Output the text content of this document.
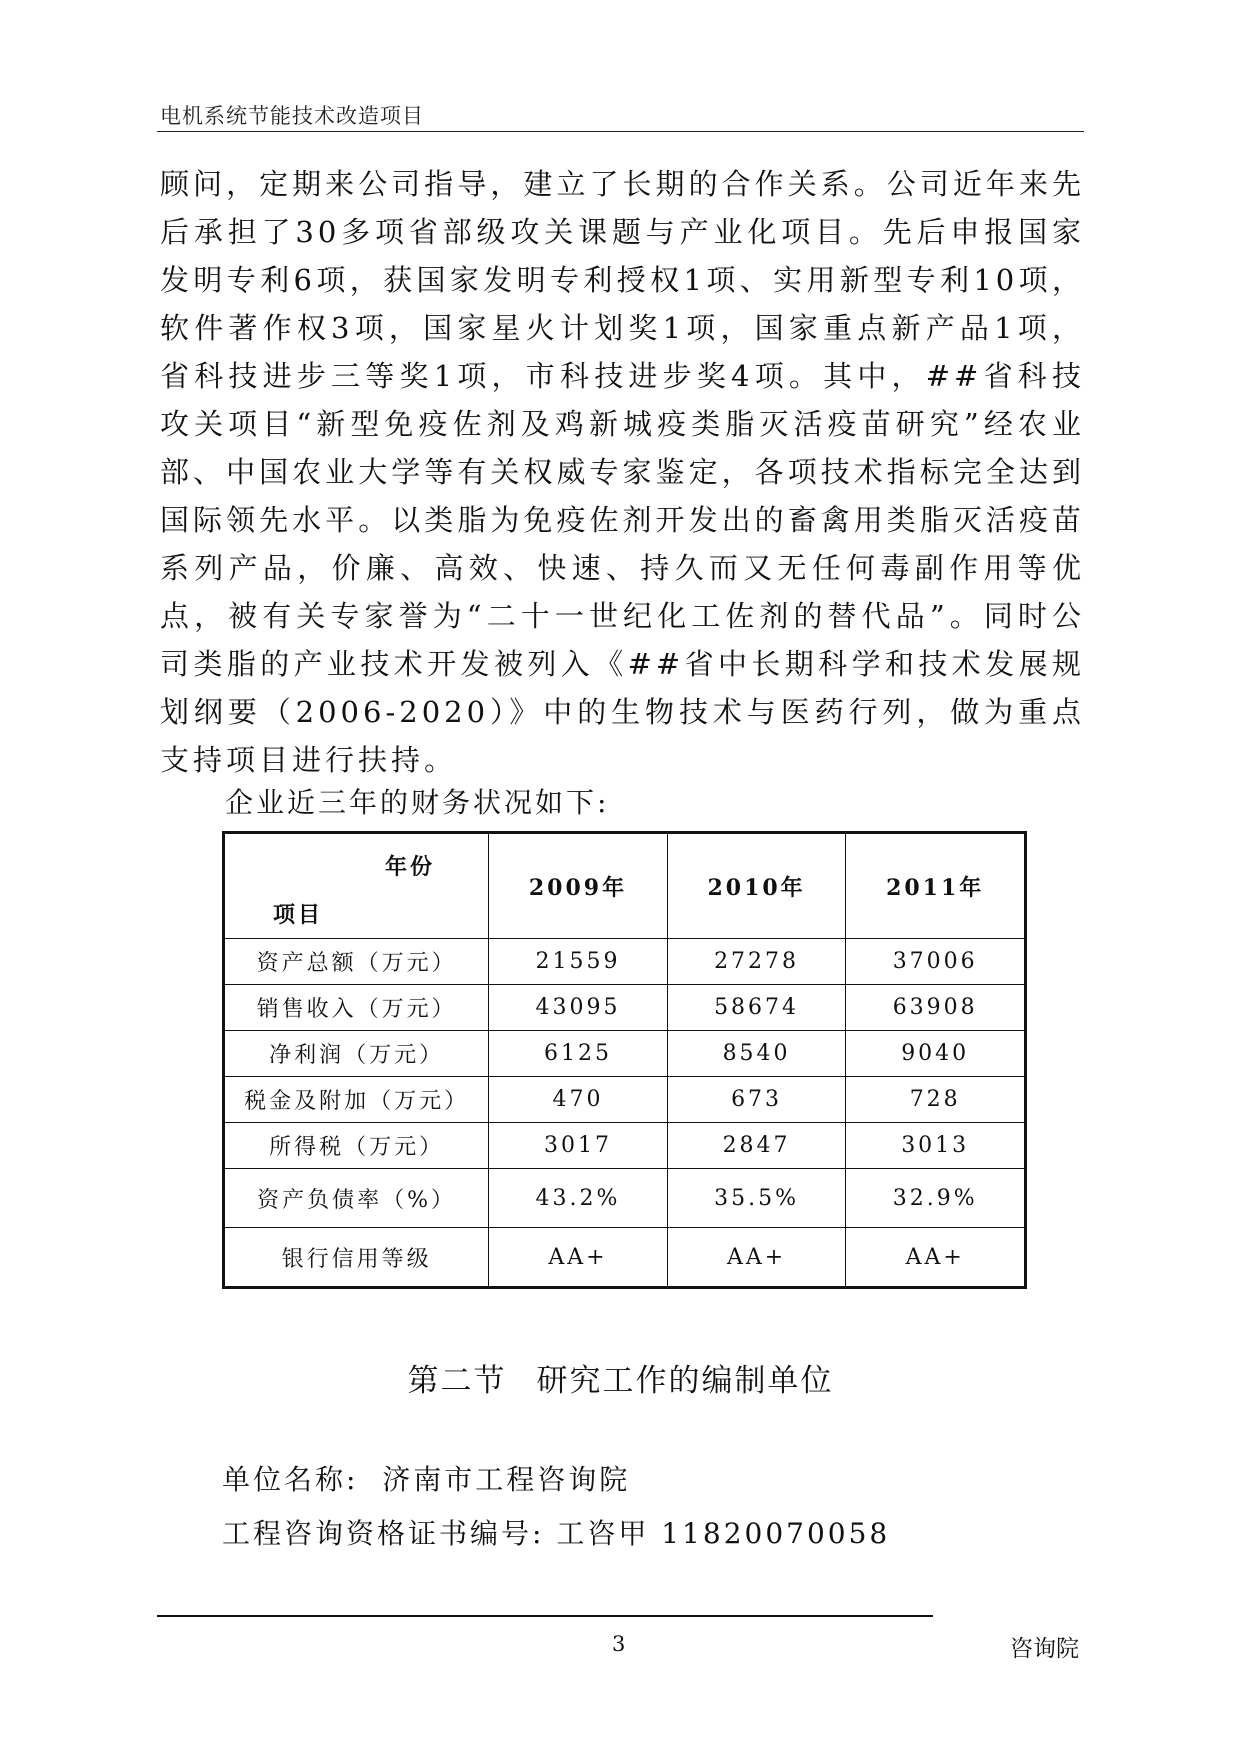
电机系统节能技术改造项目

顾问，定期来公司指导，建立了长期的合作关系。公司近年来先后承担了30多项省部级攻关课题与产业化项目。先后申报国家发明专利6项，获国家发明专利授权1项、实用新型专利10项，软件著作权3项，国家星火计划奖1项，国家重点新产品1项，省科技进步三等奖1项，市科技进步奖4项。其中，##省科技攻关项目“新型免疫佐剂及鸡新城疫类脂灭活疫苗研究”经农业部、中国农业大学等有关权威专家鉴定，各项技术指标完全达到国际领先水平。以类脂为免疫佐剂开发出的畜禽用类脂灭活疫苗系列产品，价廉、高效、快速、持久而又无任何毒副作用等优点，被有关专家誉为“二十一世纪化工佐剂的替代品”。同时公司类脂的产业技术开发被列入《##省中长期科学和技术发展规划纲要（2006-2020）》中的生物技术与医药行列，做为重点支持项目进行扶持。

企业近三年的财务状况如下:
年份
项目	2009年	2010年	2011年
资产总额（万元）	21559	27278	37006
销售收入（万元）	43095	58674	63908
净利润（万元）	6125	8540	9040
税金及附加（万元）	470	673	728
所得税（万元）	3017	2847	3013
资产负债率（%）	43.2%	35.5%	32.9%
银行信用等级	AA+	AA+	AA+
第二节 研究工作的编制单位
单位名称: 济南市工程咨询院
工程咨询资格证书编号: 工咨甲 11820070058
3	咨询院
